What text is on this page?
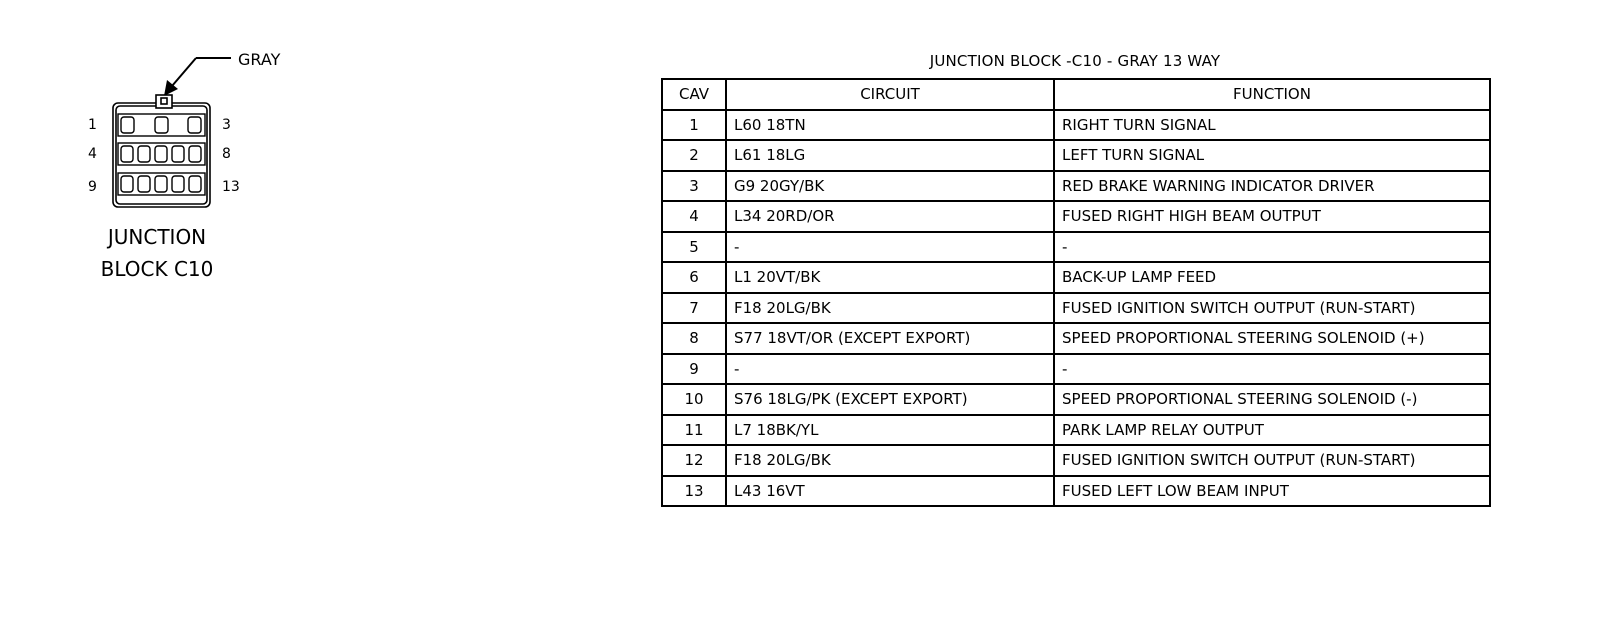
GRAY
1
4
9
3
8
13
JUNCTION
BLOCK C10
JUNCTION BLOCK -C10 - GRAY 13 WAY
CAV	CIRCUIT	FUNCTION
1	L60 18TN	RIGHT TURN SIGNAL
2	L61 18LG	LEFT TURN SIGNAL
3	G9 20GY/BK	RED BRAKE WARNING INDICATOR DRIVER
4	L34 20RD/OR	FUSED RIGHT HIGH BEAM OUTPUT
5	-	-
6	L1 20VT/BK	BACK-UP LAMP FEED
7	F18 20LG/BK	FUSED IGNITION SWITCH OUTPUT (RUN-START)
8	S77 18VT/OR (EXCEPT EXPORT)	SPEED PROPORTIONAL STEERING SOLENOID (+)
9	-	-
10	S76 18LG/PK (EXCEPT EXPORT)	SPEED PROPORTIONAL STEERING SOLENOID (-)
11	L7 18BK/YL	PARK LAMP RELAY OUTPUT
12	F18 20LG/BK	FUSED IGNITION SWITCH OUTPUT (RUN-START)
13	L43 16VT	FUSED LEFT LOW BEAM INPUT
